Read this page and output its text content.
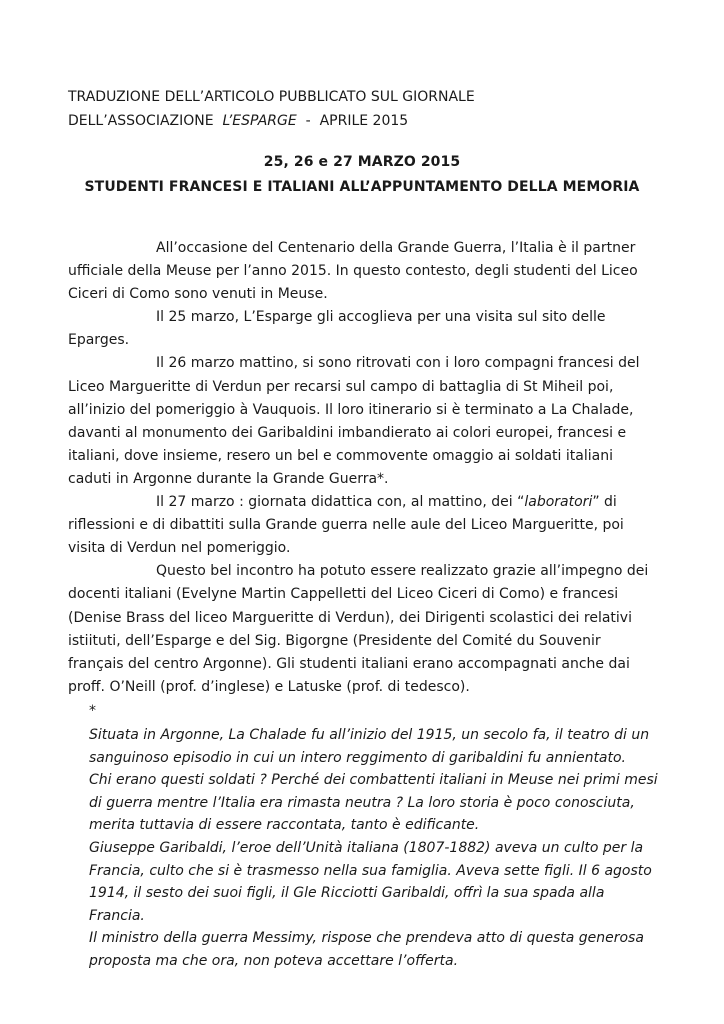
TRADUZIONE DELL’ARTICOLO PUBBLICATO SUL GIORNALE
DELL’ASSOCIAZIONE  L’ESPARGE  -  APRILE 2015
25, 26 e 27 MARZO 2015
STUDENTI FRANCESI E ITALIANI ALL’APPUNTAMENTO DELLA MEMORIA

All’occasione del Centenario della Grande Guerra, l’Italia è il partner ufficiale della Meuse per l’anno 2015. In questo contesto, degli studenti del Liceo Ciceri di Como sono venuti in Meuse.

Il 25 marzo, L’Esparge gli accoglieva per una visita sul sito delle Eparges.

Il 26 marzo mattino, si sono ritrovati con i loro compagni francesi del Liceo Margueritte di Verdun per recarsi sul campo di battaglia di St Miheil poi, all’inizio del pomeriggio à Vauquois. Il loro itinerario si è terminato a La Chalade, davanti al monumento dei Garibaldini imbandierato ai colori europei, francesi e italiani, dove insieme, resero un bel e commovente omaggio ai soldati italiani caduti in Argonne durante la Grande Guerra*.

Il 27 marzo : giornata didattica con, al mattino, dei “laboratori” di riflessioni e di dibattiti sulla Grande guerra nelle aule del Liceo Margueritte, poi visita di Verdun nel pomeriggio.

Questo bel incontro ha potuto essere realizzato grazie all’impegno dei docenti italiani (Evelyne Martin Cappelletti del Liceo Ciceri di Como) e francesi (Denise Brass del liceo Margueritte di Verdun), dei Dirigenti scolastici dei relativi istiituti, dell’Esparge e del Sig. Bigorgne (Presidente del Comité du Souvenir français del centro Argonne). Gli studenti italiani erano accompagnati anche dai proff. O’Neill (prof. d’inglese) e Latuske (prof. di tedesco).

*

Situata in Argonne, La Chalade fu all’inizio del 1915, un secolo fa, il teatro di un sanguinoso episodio in cui un intero reggimento di garibaldini fu annientato.

Chi erano questi soldati ? Perché dei combattenti italiani in Meuse nei primi mesi di guerra mentre l’Italia era rimasta neutra ? La loro storia è poco conosciuta, merita tuttavia di essere raccontata, tanto è edificante.

Giuseppe Garibaldi, l’eroe dell’Unità italiana (1807-1882) aveva un culto per la Francia, culto che si è trasmesso nella sua famiglia. Aveva sette figli. Il 6 agosto 1914, il sesto dei suoi figli, il Gle Ricciotti Garibaldi, offrì la sua spada alla Francia.

Il ministro della guerra Messimy, rispose che prendeva atto di questa generosa proposta ma che ora, non poteva accettare l’offerta.
